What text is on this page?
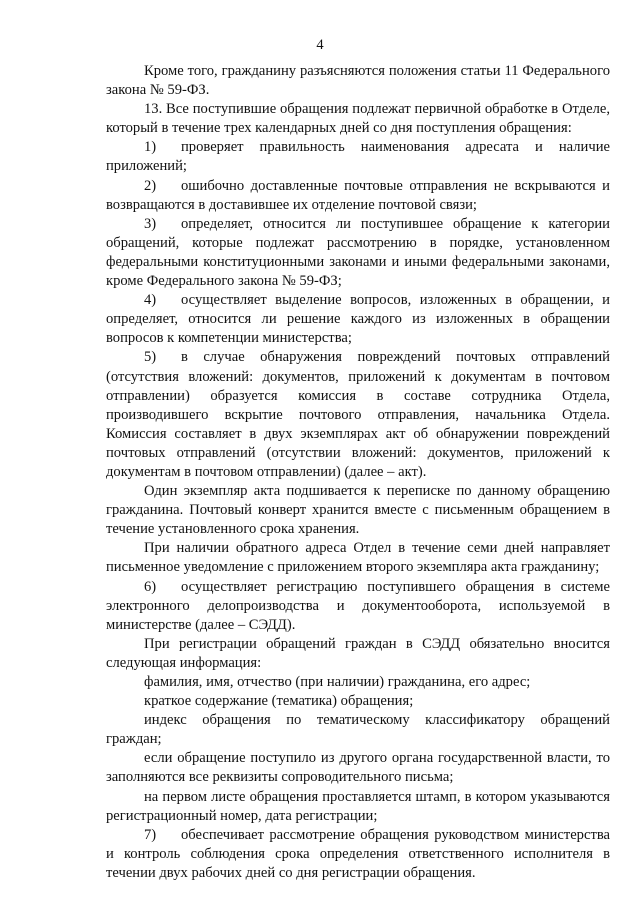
4

Кроме того, гражданину разъясняются положения статьи 11 Федерального закона № 59-ФЗ.

13. Все поступившие обращения подлежат первичной обработке в Отделе, который в течение трех календарных дней со дня поступления обращения:

1) проверяет правильность наименования адресата и наличие приложений;

2) ошибочно доставленные почтовые отправления не вскрываются и возвращаются в доставившее их отделение почтовой связи;

3) определяет, относится ли поступившее обращение к категории обращений, которые подлежат рассмотрению в порядке, установленном федеральными конституционными законами и иными федеральными законами, кроме Федерального закона № 59-ФЗ;

4) осуществляет выделение вопросов, изложенных в обращении, и определяет, относится ли решение каждого из изложенных в обращении вопросов к компетенции министерства;

5) в случае обнаружения повреждений почтовых отправлений (отсутствия вложений: документов, приложений к документам в почтовом отправлении) образуется комиссия в составе сотрудника Отдела, производившего вскрытие почтового отправления, начальника Отдела. Комиссия составляет в двух экземплярах акт об обнаружении повреждений почтовых отправлений (отсутствии вложений: документов, приложений к документам в почтовом отправлении) (далее – акт).

Один экземпляр акта подшивается к переписке по данному обращению гражданина. Почтовый конверт хранится вместе с письменным обращением в течение установленного срока хранения.

При наличии обратного адреса Отдел в течение семи дней направляет письменное уведомление с приложением второго экземпляра акта гражданину;

6) осуществляет регистрацию поступившего обращения в системе электронного делопроизводства и документооборота, используемой в министерстве (далее – СЭДД).

При регистрации обращений граждан в СЭДД обязательно вносится следующая информация:

фамилия, имя, отчество (при наличии) гражданина, его адрес;

краткое содержание (тематика) обращения;

индекс обращения по тематическому классификатору обращений граждан;

если обращение поступило из другого органа государственной власти, то заполняются все реквизиты сопроводительного письма;

на первом листе обращения проставляется штамп, в котором указываются регистрационный номер, дата регистрации;

7) обеспечивает рассмотрение обращения руководством министерства и контроль соблюдения срока определения ответственного исполнителя в течении двух рабочих дней со дня регистрации обращения.
